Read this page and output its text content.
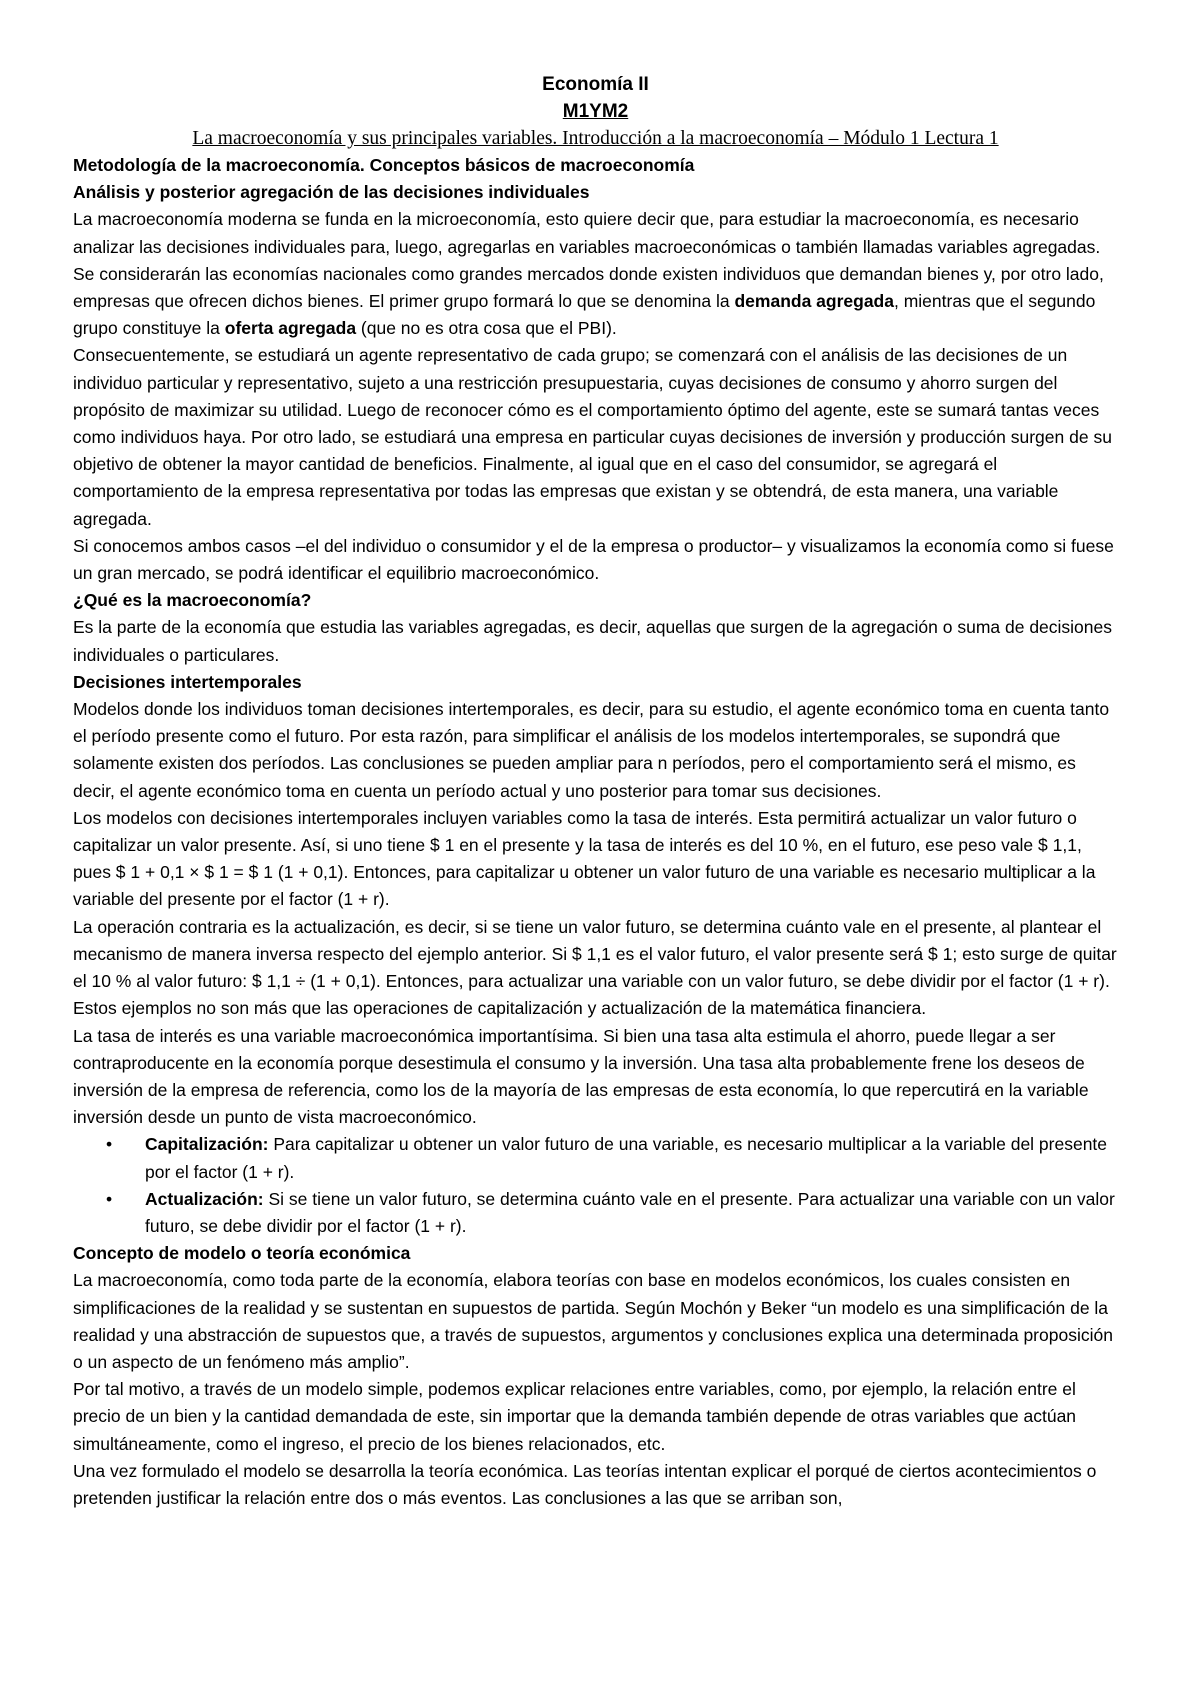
Economía II

M1YM2

La macroeconomía y sus principales variables. Introducción a la macroeconomía – Módulo 1 Lectura 1

Metodología de la macroeconomía. Conceptos básicos de macroeconomía

Análisis y posterior agregación de las decisiones individuales

La macroeconomía moderna se funda en la microeconomía, esto quiere decir que, para estudiar la macroeconomía, es necesario analizar las decisiones individuales para, luego, agregarlas en variables macroeconómicas o también llamadas variables agregadas. Se considerarán las economías nacionales como grandes mercados donde existen individuos que demandan bienes y, por otro lado, empresas que ofrecen dichos bienes. El primer grupo formará lo que se denomina la demanda agregada, mientras que el segundo grupo constituye la oferta agregada (que no es otra cosa que el PBI).

Consecuentemente, se estudiará un agente representativo de cada grupo; se comenzará con el análisis de las decisiones de un individuo particular y representativo, sujeto a una restricción presupuestaria, cuyas decisiones de consumo y ahorro surgen del propósito de maximizar su utilidad. Luego de reconocer cómo es el comportamiento óptimo del agente, este se sumará tantas veces como individuos haya. Por otro lado, se estudiará una empresa en particular cuyas decisiones de inversión y producción surgen de su objetivo de obtener la mayor cantidad de beneficios. Finalmente, al igual que en el caso del consumidor, se agregará el comportamiento de la empresa representativa por todas las empresas que existan y se obtendrá, de esta manera, una variable agregada.

Si conocemos ambos casos –el del individuo o consumidor y el de la empresa o productor– y visualizamos la economía como si fuese un gran mercado, se podrá identificar el equilibrio macroeconómico.

¿Qué es la macroeconomía?

Es la parte de la economía que estudia las variables agregadas, es decir, aquellas que surgen de la agregación o suma de decisiones individuales o particulares.

Decisiones intertemporales

Modelos donde los individuos toman decisiones intertemporales, es decir, para su estudio, el agente económico toma en cuenta tanto el período presente como el futuro. Por esta razón, para simplificar el análisis de los modelos intertemporales, se supondrá que solamente existen dos períodos. Las conclusiones se pueden ampliar para n períodos, pero el comportamiento será el mismo, es decir, el agente económico toma en cuenta un período actual y uno posterior para tomar sus decisiones.

Los modelos con decisiones intertemporales incluyen variables como la tasa de interés. Esta permitirá actualizar un valor futuro o capitalizar un valor presente. Así, si uno tiene $ 1 en el presente y la tasa de interés es del 10 %, en el futuro, ese peso vale $ 1,1, pues $ 1 + 0,1 × $ 1 = $ 1 (1 + 0,1). Entonces, para capitalizar u obtener un valor futuro de una variable es necesario multiplicar a la variable del presente por el factor (1 + r).

La operación contraria es la actualización, es decir, si se tiene un valor futuro, se determina cuánto vale en el presente, al plantear el mecanismo de manera inversa respecto del ejemplo anterior. Si $ 1,1 es el valor futuro, el valor presente será $ 1; esto surge de quitar el 10 % al valor futuro: $ 1,1 ÷ (1 + 0,1). Entonces, para actualizar una variable con un valor futuro, se debe dividir por el factor (1 + r). Estos ejemplos no son más que las operaciones de capitalización y actualización de la matemática financiera.

La tasa de interés es una variable macroeconómica importantísima. Si bien una tasa alta estimula el ahorro, puede llegar a ser contraproducente en la economía porque desestimula el consumo y la inversión. Una tasa alta probablemente frene los deseos de inversión de la empresa de referencia, como los de la mayoría de las empresas de esta economía, lo que repercutirá en la variable inversión desde un punto de vista macroeconómico.

• Capitalización: Para capitalizar u obtener un valor futuro de una variable, es necesario multiplicar a la variable del presente por el factor (1 + r).
• Actualización: Si se tiene un valor futuro, se determina cuánto vale en el presente. Para actualizar una variable con un valor futuro, se debe dividir por el factor (1 + r).

Concepto de modelo o teoría económica

La macroeconomía, como toda parte de la economía, elabora teorías con base en modelos económicos, los cuales consisten en simplificaciones de la realidad y se sustentan en supuestos de partida. Según Mochón y Beker “un modelo es una simplificación de la realidad y una abstracción de supuestos que, a través de supuestos, argumentos y conclusiones explica una determinada proposición o un aspecto de un fenómeno más amplio”.

Por tal motivo, a través de un modelo simple, podemos explicar relaciones entre variables, como, por ejemplo, la relación entre el precio de un bien y la cantidad demandada de este, sin importar que la demanda también depende de otras variables que actúan simultáneamente, como el ingreso, el precio de los bienes relacionados, etc.

Una vez formulado el modelo se desarrolla la teoría económica. Las teorías intentan explicar el porqué de ciertos acontecimientos o pretenden justificar la relación entre dos o más eventos. Las conclusiones a las que se arriban son,
